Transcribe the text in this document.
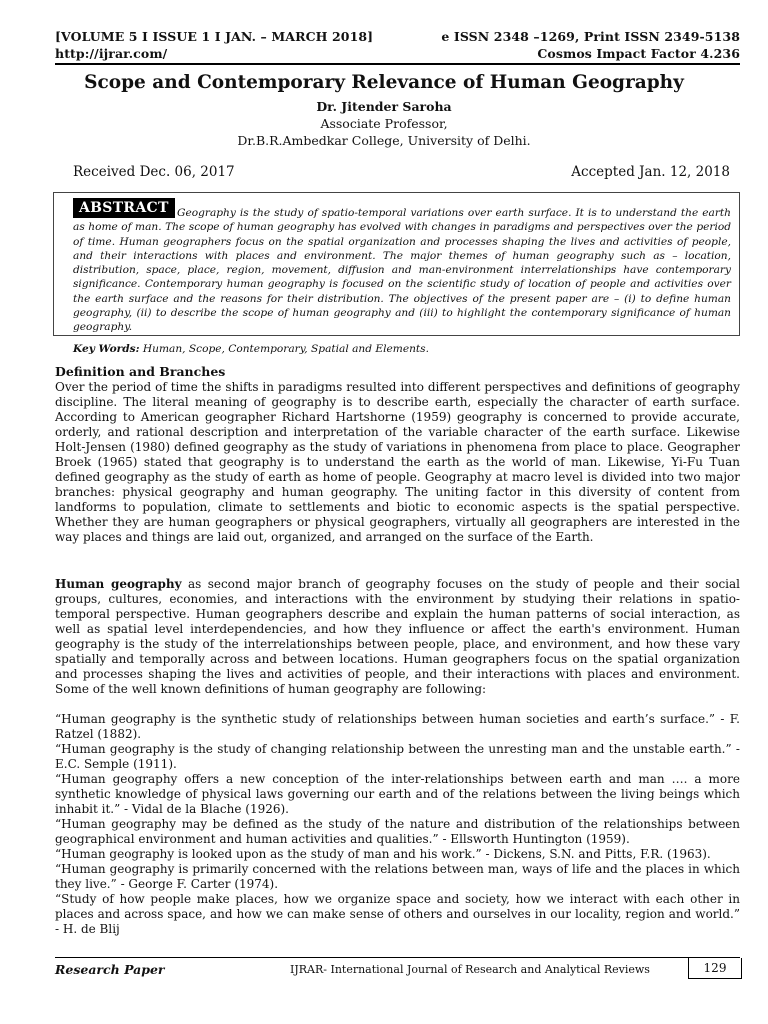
[VOLUME 5 I ISSUE 1 I JAN. – MARCH 2018]	e ISSN 2348 –1269, Print ISSN 2349-5138
http://ijrar.com/	Cosmos Impact Factor 4.236
Scope and Contemporary Relevance of Human Geography
Dr. Jitender Saroha
Associate Professor,
Dr.B.R.Ambedkar College, University of Delhi.
Received Dec. 06, 2017	Accepted Jan. 12, 2018
Geography is the study of spatio-temporal variations over earth surface. It is to understand the earth as home of man. The scope of human geography has evolved with changes in paradigms and perspectives over the period of time. Human geographers focus on the spatial organization and processes shaping the lives and activities of people, and their interactions with places and environment. The major themes of human geography such as – location, distribution, space, place, region, movement, diffusion and man-environment interrelationships have contemporary significance. Contemporary human geography is focused on the scientific study of location of people and activities over the earth surface and the reasons for their distribution. The objectives of the present paper are – (i) to define human geography, (ii) to describe the scope of human geography and (iii) to highlight the contemporary significance of human geography.
ABSTRACT
Key Words: Human, Scope, Contemporary, Spatial and Elements.
Definition and Branches
Over the period of time the shifts in paradigms resulted into different perspectives and definitions of geography discipline. The literal meaning of geography is to describe earth, especially the character of earth surface. According to American geographer Richard Hartshorne (1959) geography is concerned to provide accurate, orderly, and rational description and interpretation of the variable character of the earth surface. Likewise Holt-Jensen (1980) defined geography as the study of variations in phenomena from place to place. Geographer Broek (1965) stated that geography is to understand the earth as the world of man. Likewise, Yi-Fu Tuan defined geography as the study of earth as home of people. Geography at macro level is divided into two major branches: physical geography and human geography. The uniting factor in this diversity of content from landforms to population, climate to settlements and biotic to economic aspects is the spatial perspective. Whether they are human geographers or physical geographers, virtually all geographers are interested in the way places and things are laid out, organized, and arranged on the surface of the Earth.
Human geography as second major branch of geography focuses on the study of people and their social groups, cultures, economies, and interactions with the environment by studying their relations in spatio-temporal perspective. Human geographers describe and explain the human patterns of social interaction, as well as spatial level interdependencies, and how they influence or affect the earth's environment. Human geography is the study of the interrelationships between people, place, and environment, and how these vary spatially and temporally across and between locations. Human geographers focus on the spatial organization and processes shaping the lives and activities of people, and their interactions with places and environment. Some of the well known definitions of human geography are following:

“Human geography is the synthetic study of relationships between human societies and earth’s surface.” - F. Ratzel (1882).

“Human geography is the study of changing relationship between the unresting man and the unstable earth.” - E.C. Semple (1911).

“Human geography offers a new conception of the inter-relationships between earth and man …. a more synthetic knowledge of physical laws governing our earth and of the relations between the living beings which inhabit it.” - Vidal de la Blache (1926).

“Human geography may be defined as the study of the nature and distribution of the relationships between geographical environment and human activities and qualities.” - Ellsworth Huntington (1959).

“Human geography is looked upon as the study of man and his work.” - Dickens, S.N. and Pitts, F.R. (1963).

“Human geography is primarily concerned with the relations between man, ways of life and the places in which they live.” - George F. Carter (1974).

“Study of how people make places, how we organize space and society, how we interact with each other in places and across space, and how we can make sense of others and ourselves in our locality, region and world.” - H. de Blij

Research Paper	IJRAR- International Journal of Research and Analytical Reviews	129
